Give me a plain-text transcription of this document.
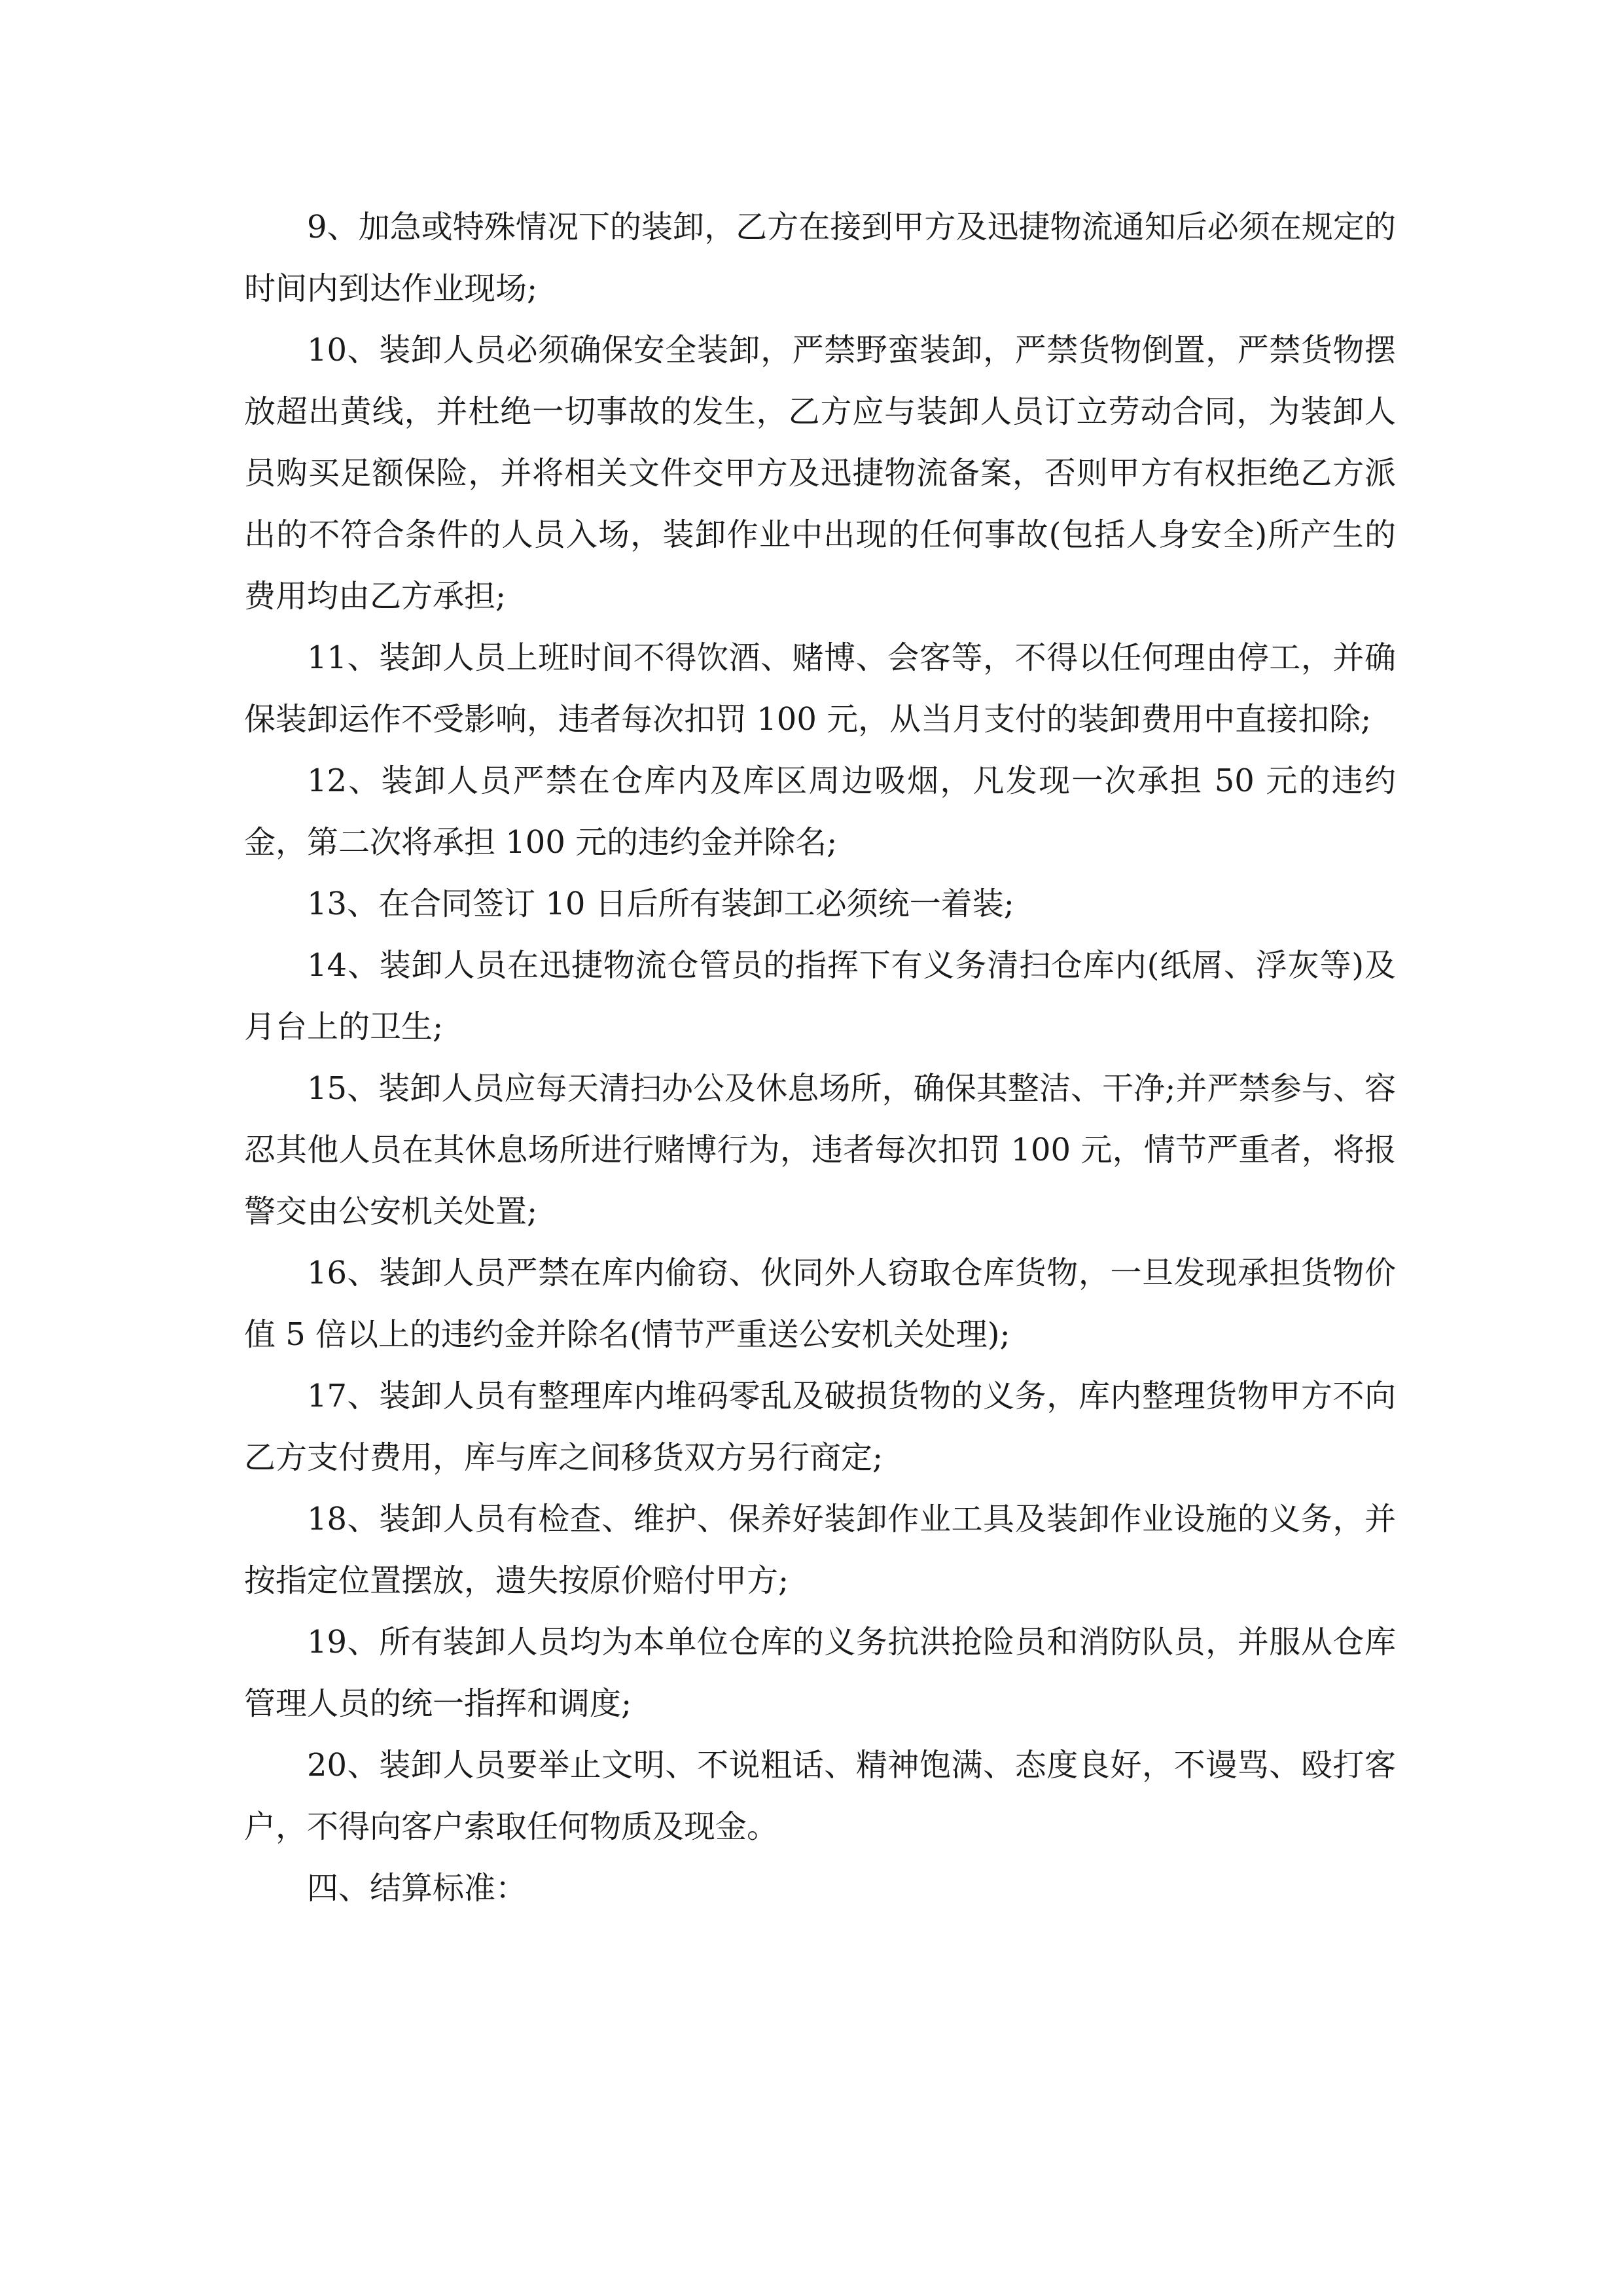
9、加急或特殊情况下的装卸，乙方在接到甲方及迅捷物流通知后必须在规定的时间内到达作业现场;

10、装卸人员必须确保安全装卸，严禁野蛮装卸，严禁货物倒置，严禁货物摆放超出黄线，并杜绝一切事故的发生，乙方应与装卸人员订立劳动合同，为装卸人员购买足额保险，并将相关文件交甲方及迅捷物流备案，否则甲方有权拒绝乙方派出的不符合条件的人员入场，装卸作业中出现的任何事故(包括人身安全)所产生的费用均由乙方承担;

11、装卸人员上班时间不得饮酒、赌博、会客等，不得以任何理由停工，并确保装卸运作不受影响，违者每次扣罚 100 元，从当月支付的装卸费用中直接扣除;

12、装卸人员严禁在仓库内及库区周边吸烟，凡发现一次承担 50 元的违约金，第二次将承担 100 元的违约金并除名;

13、在合同签订 10 日后所有装卸工必须统一着装;

14、装卸人员在迅捷物流仓管员的指挥下有义务清扫仓库内(纸屑、浮灰等)及月台上的卫生;

15、装卸人员应每天清扫办公及休息场所，确保其整洁、干净;并严禁参与、容忍其他人员在其休息场所进行赌博行为，违者每次扣罚 100 元，情节严重者，将报警交由公安机关处置;

16、装卸人员严禁在库内偷窃、伙同外人窃取仓库货物，一旦发现承担货物价值 5 倍以上的违约金并除名(情节严重送公安机关处理);

17、装卸人员有整理库内堆码零乱及破损货物的义务，库内整理货物甲方不向乙方支付费用，库与库之间移货双方另行商定;

18、装卸人员有检查、维护、保养好装卸作业工具及装卸作业设施的义务，并按指定位置摆放，遗失按原价赔付甲方;

19、所有装卸人员均为本单位仓库的义务抗洪抢险员和消防队员，并服从仓库管理人员的统一指挥和调度;

20、装卸人员要举止文明、不说粗话、精神饱满、态度良好，不谩骂、殴打客户，不得向客户索取任何物质及现金。

四、结算标准：
